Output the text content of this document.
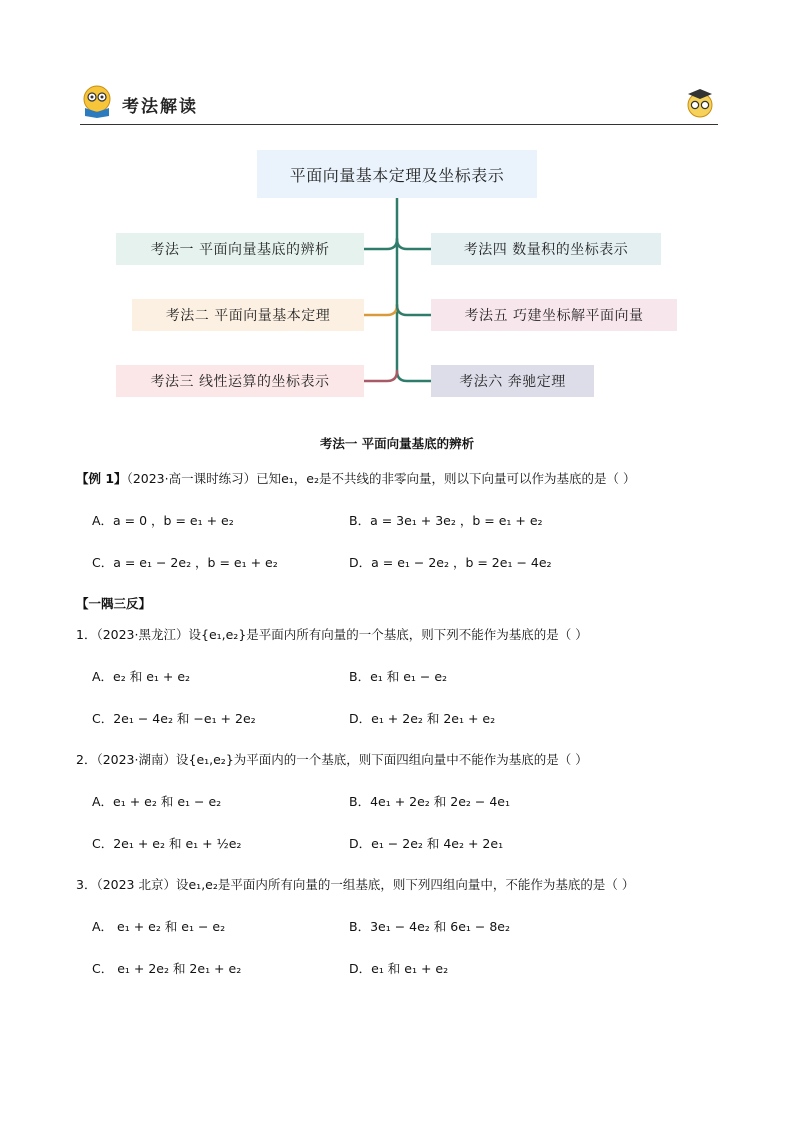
考法解读
平面向量基本定理及坐标表示
考法一 平面向量基底的辨析
考法二 平面向量基本定理
考法三 线性运算的坐标表示
考法四 数量积的坐标表示
考法五 巧建坐标解平面向量
考法六 奔驰定理
考法一 平面向量基底的辨析
【例 1】（2023·高一课时练习）已知e₁，e₂是不共线的非零向量，则以下向量可以作为基底的是（ ）
A．a = 0 ，b = e₁ + e₂	B．a = 3e₁ + 3e₂ ，b = e₁ + e₂
C．a = e₁ − 2e₂ ，b = e₁ + e₂	D．a = e₁ − 2e₂ ，b = 2e₁ − 4e₂
【一隅三反】
1．（2023·黑龙江）设{e₁,e₂}是平面内所有向量的一个基底，则下列不能作为基底的是（ ）
A．e₂ 和 e₁ + e₂	B．e₁ 和 e₁ − e₂
C．2e₁ − 4e₂ 和 −e₁ + 2e₂	D．e₁ + 2e₂ 和 2e₁ + e₂
2．（2023·湖南）设{e₁,e₂}为平面内的一个基底，则下面四组向量中不能作为基底的是（ ）
A．e₁ + e₂ 和 e₁ − e₂	B．4e₁ + 2e₂ 和 2e₂ − 4e₁
C．2e₁ + e₂ 和 e₁ + ½e₂	D．e₁ − 2e₂ 和 4e₂ + 2e₁
3．（2023 北京）设e₁,e₂是平面内所有向量的一组基底，则下列四组向量中，不能作为基底的是（ ）
A． e₁ + e₂ 和 e₁ − e₂	B．3e₁ − 4e₂ 和 6e₁ − 8e₂
C． e₁ + 2e₂ 和 2e₁ + e₂	D．e₁ 和 e₁ + e₂
